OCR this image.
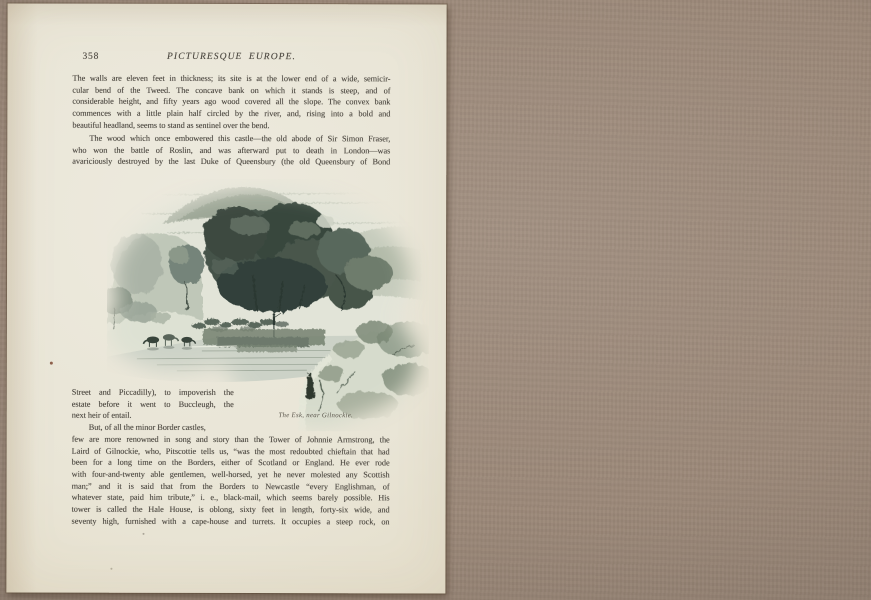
358	PICTURESQUE EUROPE.
The walls are eleven feet in thickness; its site is at the lower end of a wide, semicir-
cular bend of the Tweed. The concave bank on which it stands is steep, and of
considerable height, and fifty years ago wood covered all the slope. The convex bank
commences with a little plain half circled by the river, and, rising into a bold and
beautiful headland, seems to stand as sentinel over the bend.
The wood which once embowered this castle—the old abode of Sir Simon Fraser,
who won the battle of Roslin, and was afterward put to death in London—was
avariciously destroyed by the last Duke of Queensbury (the old Queensbury of Bond
Street and Piccadilly), to impoverish the
estate before it went to Buccleugh, the
next heir of entail.
But, of all the minor Border castles,
The Esk, near Gilnockie.
few are more renowned in song and story than the Tower of Johnnie Armstrong, the
Laird of Gilnockie, who, Pitscottie tells us, “was the most redoubted chieftain that had
been for a long time on the Borders, either of Scotland or England. He ever rode
with four-and-twenty able gentlemen, well-horsed, yet he never molested any Scottish
man;” and it is said that from the Borders to Newcastle “every Englishman, of
whatever state, paid him tribute,” i. e., black-mail, which seems barely possible. His
tower is called the Hale House, is oblong, sixty feet in length, forty-six wide, and
seventy high, furnished with a cape-house and turrets. It occupies a steep rock, on
